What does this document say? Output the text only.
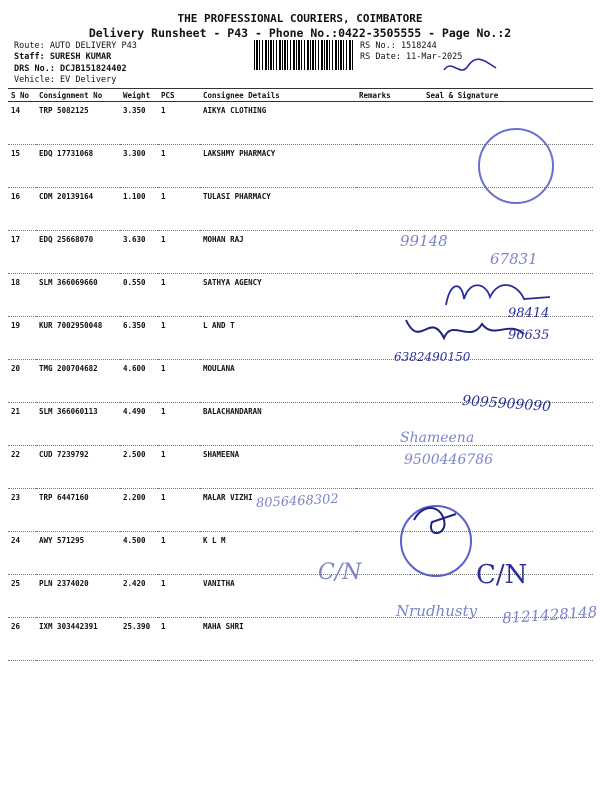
THE PROFESSIONAL COURIERS, COIMBATORE
Delivery Runsheet - P43 - Phone No.:0422-3505555 - Page No.:2
Route: AUTO DELIVERY P43
Staff: SURESH KUMAR
DRS No.: DCJB151824402
Vehicle: EV Delivery
RS No.: 1518244
RS Date: 11-Mar-2025
S No	Consignment No	Weight	PCS	Consignee Details	Remarks	Seal & Signature
14	TRP 5082125	3.350	1	AIKYA CLOTHING		
15	EDQ 17731068	3.300	1	LAKSHMY PHARMACY		
16	CDM 20139164	1.100	1	TULASI PHARMACY		
17	EDQ 25668070	3.630	1	MOHAN RAJ		
18	SLM 366069660	0.550	1	SATHYA AGENCY		
19	KUR 7002950048	6.350	1	L AND T		
20	TMG 200704682	4.600	1	MOULANA		
21	SLM 366060113	4.490	1	BALACHANDARAN		
22	CUD 7239792	2.500	1	SHAMEENA		
23	TRP 6447160	2.200	1	MALAR VIZHI		
24	AWY 571295	4.500	1	K L M		
25	PLN 2374020	2.420	1	VANITHA		
26	IXM 303442391	25.390	1	MAHA SHRI		
99148
67831
98414
96635
6382490150
9095909090
Shameena
9500446786
8056468302
C/N	C/N
Nrudhusty 8121428148
